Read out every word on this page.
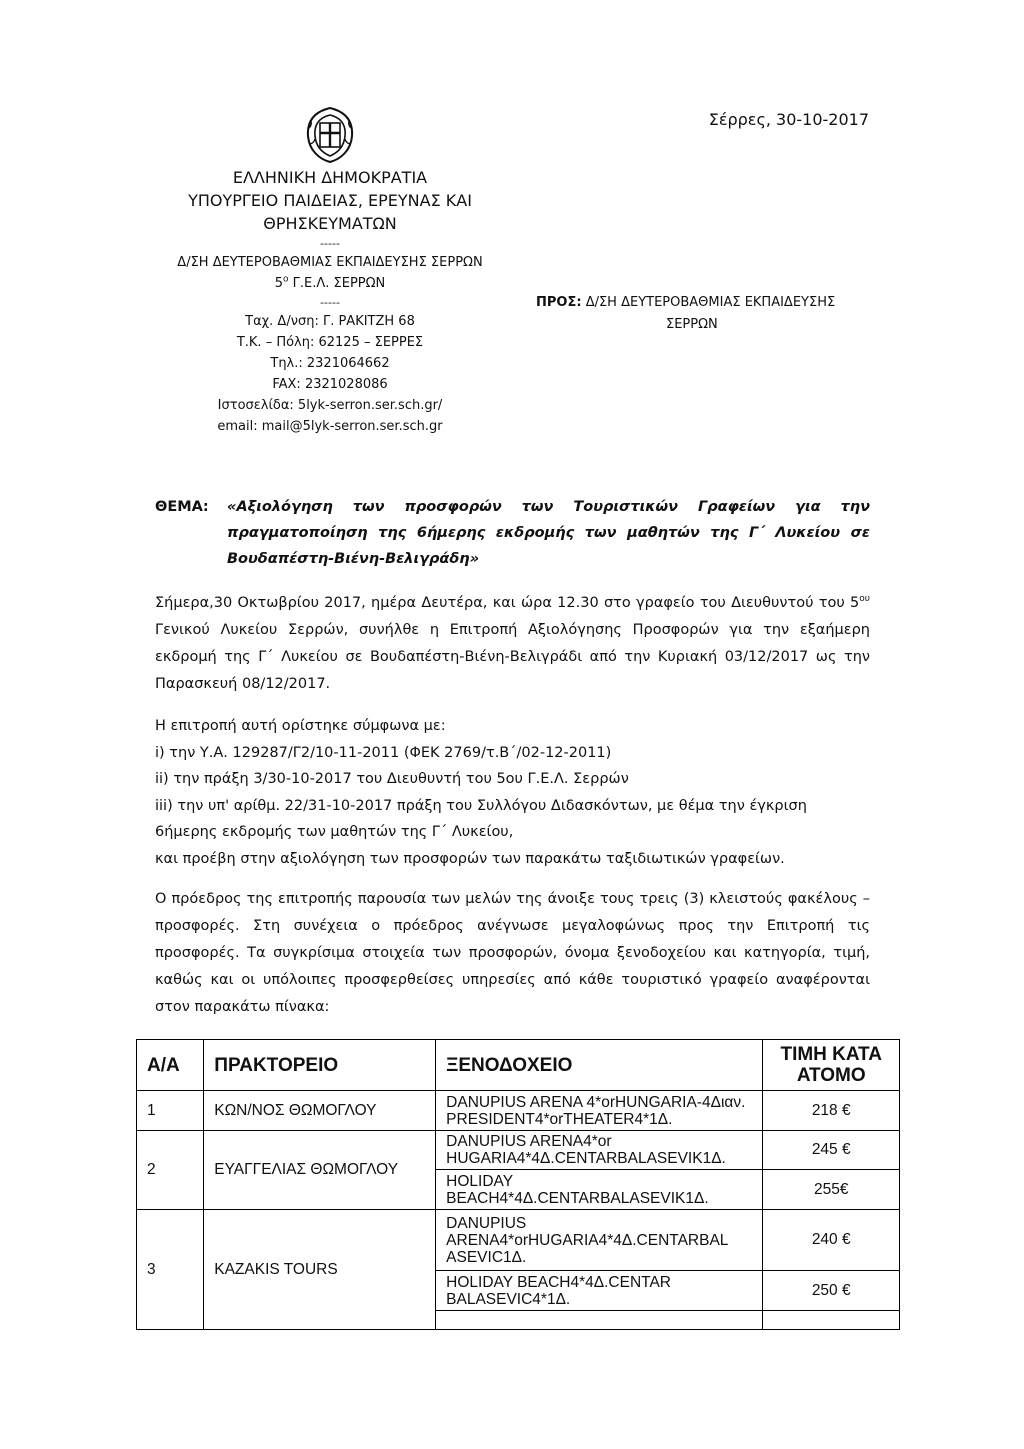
Σέρρες, 30-10-2017
ΕΛΛΗΝΙΚΗ ΔΗΜΟΚΡΑΤΙΑ
ΥΠΟΥΡΓΕΙΟ ΠΑΙΔΕΙΑΣ, ΕΡΕΥΝΑΣ ΚΑΙ
ΘΡΗΣΚΕΥΜΑΤΩΝ
-----
Δ/ΣΗ ΔΕΥΤΕΡΟΒΑΘΜΙΑΣ ΕΚΠΑΙΔΕΥΣΗΣ ΣΕΡΡΩΝ
$5^o$ Γ.Ε.Λ. ΣΕΡΡΩΝ
-----
Ταχ. Δ/νση: Γ. ΡΑΚΙΤΖΗ 68
Τ.Κ. – Πόλη: 62125 – ΣΕΡΡΕΣ
Τηλ.: 2321064662
FAX: 2321028086
Ιστοσελίδα: 5lyk-serron.ser.sch.gr/
email: mail@5lyk-serron.ser.sch.gr
ΠΡΟΣ: Δ/ΣΗ ΔΕΥΤΕΡΟΒΑΘΜΙΑΣ ΕΚΠΑΙΔΕΥΣΗΣ
ΣΕΡΡΩΝ
ΘΕΜΑ:	«Αξιολόγηση των προσφορών των Τουριστικών Γραφείων για την πραγματοποίηση της 6ήμερης εκδρομής των μαθητών της Γ΄ Λυκείου σε
Βουδαπέστη-Βιένη-Βελιγράδη»
Σήμερα,30 Οκτωβρίου 2017, ημέρα Δευτέρα, και ώρα 12.30 στο γραφείο του Διευθυντού του $5^{o\upsilon}$ Γενικού Λυκείου Σερρών, συνήλθε η Επιτροπή Αξιολόγησης Προσφορών για την εξαήμερη εκδρομή της Γ΄ Λυκείου σε Βουδαπέστη-Βιένη-Βελιγράδι από την Κυριακή 03/12/2017 ως την Παρασκευή 08/12/2017.
Η επιτροπή αυτή ορίστηκε σύμφωνα με:
i) την Υ.Α. 129287/Γ2/10-11-2011 (ΦΕΚ 2769/τ.Β΄/02-12-2011)
ii) την πράξη 3/30-10-2017 του Διευθυντή του 5ου Γ.Ε.Λ. Σερρών
iii) την υπ' αρίθμ. 22/31-10-2017 πράξη του Συλλόγου Διδασκόντων, με θέμα την έγκριση 6ήμερης εκδρομής των μαθητών της Γ΄ Λυκείου,
και προέβη στην αξιολόγηση των προσφορών των παρακάτω ταξιδιωτικών γραφείων.
Ο πρόεδρος της επιτροπής παρουσία των μελών της άνοιξε τους τρεις (3) κλειστούς φακέλους – προσφορές. Στη συνέχεια ο πρόεδρος ανέγνωσε μεγαλοφώνως προς την Επιτροπή τις προσφορές. Τα συγκρίσιμα στοιχεία των προσφορών, όνομα ξενοδοχείου και κατηγορία, τιμή, καθώς και οι υπόλοιπες προσφερθείσες υπηρεσίες από κάθε τουριστικό γραφείο αναφέρονται στον παρακάτω πίνακα:
Α/Α	ΠΡΑΚΤΟΡΕΙΟ	ΞΕΝΟΔΟΧΕΙΟ	ΤΙΜΗ ΚΑΤΑ ΑΤΟΜΟ
1	ΚΩΝ/ΝΟΣ ΘΩΜΟΓΛΟΥ	DANUPIUS ARENA 4*orHUNGARIA-4Διαν. PRESIDENT4*orTHEATER4*1Δ.	218 €
2	ΕΥΑΓΓΕΛΙΑΣ ΘΩΜΟΓΛΟΥ	DANUPIUS ARENA4*or HUGARIA4*4Δ.CENTARBALASEVIK1Δ.	245 €
		HOLIDAY BEACH4*4Δ.CENTARBALASEVIK1Δ.	255€
3	KAZAKIS TOURS	DANUPIUS ARENA4*orHUGARIA4*4Δ.CENTARBAL ASEVIC1Δ.	240 €
		HOLIDAY BEACH4*4Δ.CENTAR BALASEVIC4*1Δ.	250 €
